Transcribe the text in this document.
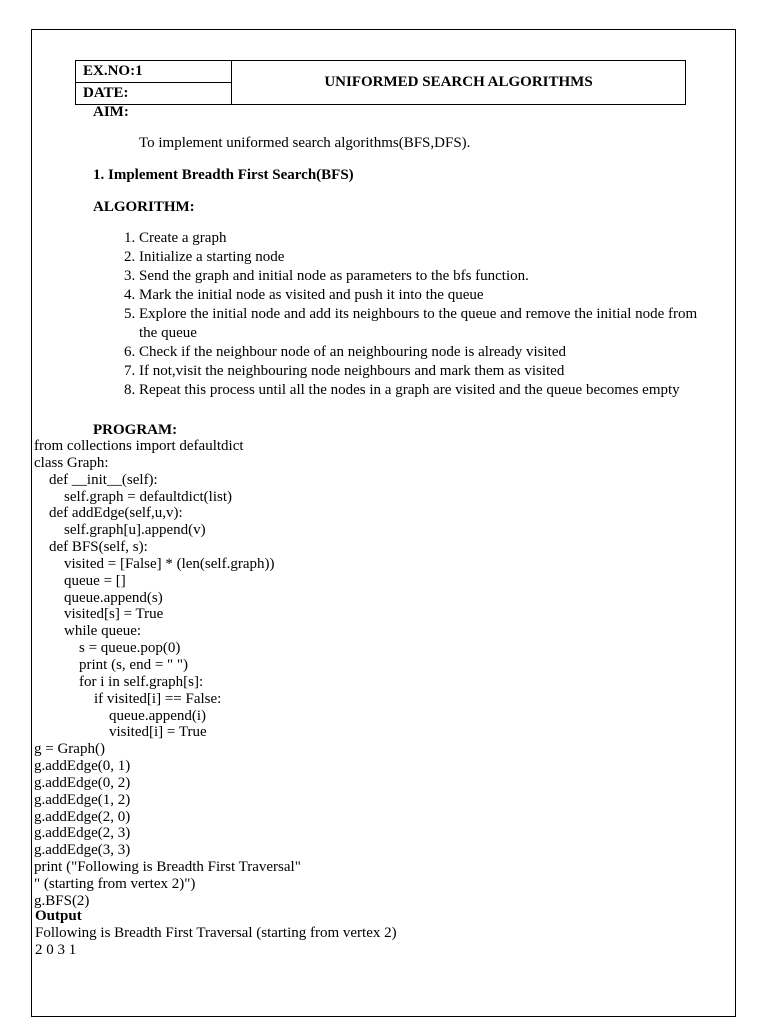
EX.NO:1	UNIFORMED SEARCH ALGORITHMS
DATE:
AIM:
To implement uniformed search algorithms(BFS,DFS).
1. Implement Breadth First Search(BFS)
ALGORITHM:
1. Create a graph
2. Initialize a starting node
3. Send the graph and initial node as parameters to the bfs function.
4. Mark the initial node as visited and push it into the queue
5. Explore the initial node and add its neighbours to the queue and remove the initial node from the queue
6. Check if the neighbour node of an neighbouring node is already visited
7. If not,visit the neighbouring node neighbours and mark them as visited
8. Repeat this process until all the nodes in a graph are visited and the queue becomes empty
PROGRAM:
from collections import defaultdict
class Graph:
def __init__(self):
self.graph = defaultdict(list)
def addEdge(self,u,v):
self.graph[u].append(v)
def BFS(self, s):
visited = [False] * (len(self.graph))
queue = []
queue.append(s)
visited[s] = True
while queue:
s = queue.pop(0)
print (s, end = " ")
for i in self.graph[s]:
if visited[i] == False:
queue.append(i)
visited[i] = True
g = Graph()
g.addEdge(0, 1)
g.addEdge(0, 2)
g.addEdge(1, 2)
g.addEdge(2, 0)
g.addEdge(2, 3)
g.addEdge(3, 3)
print ("Following is Breadth First Traversal"
" (starting from vertex 2)")
g.BFS(2)
Output
Following is Breadth First Traversal (starting from vertex 2)
2 0 3 1
